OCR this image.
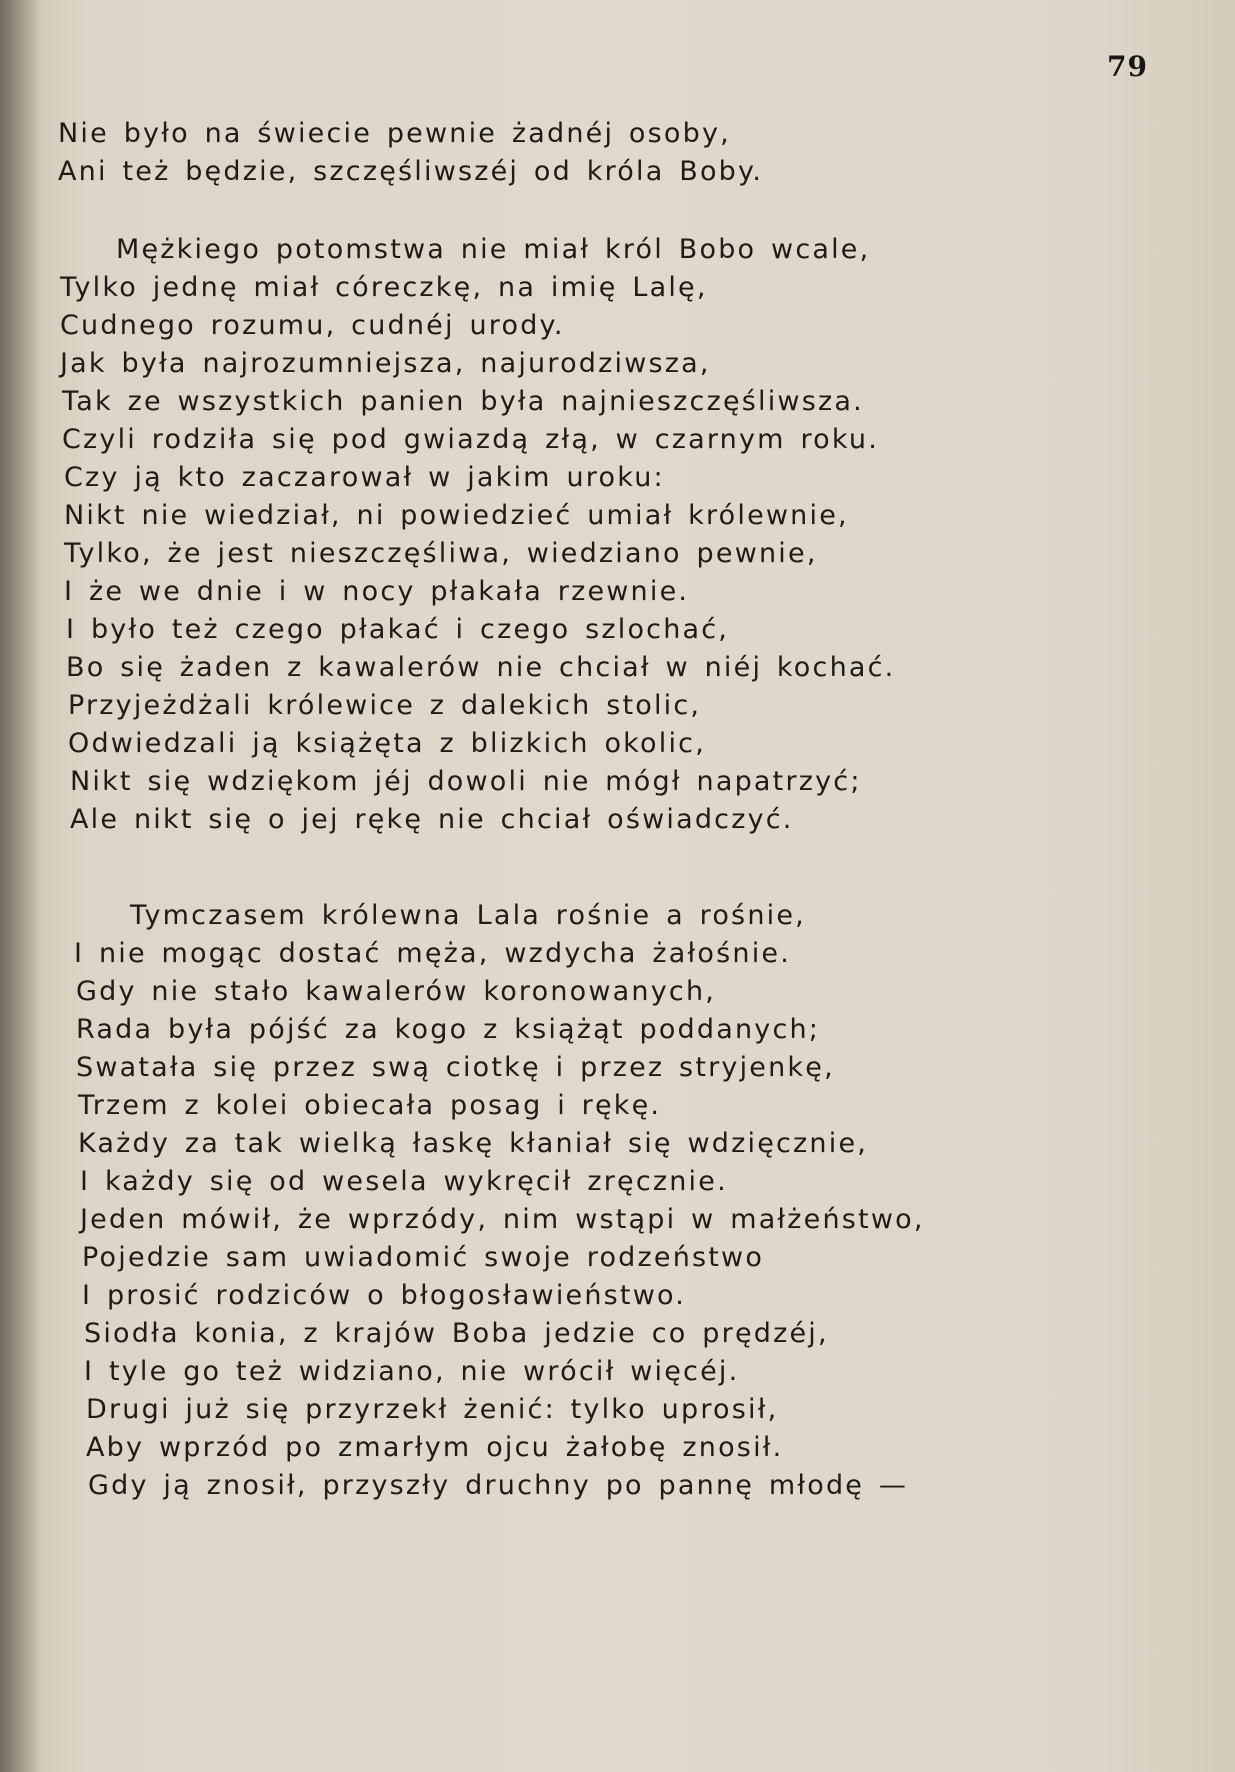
79
Nie było na świecie pewnie żadnéj osoby,
Ani też będzie, szczęśliwszéj od króla Boby.
Mężkiego potomstwa nie miał król Bobo wcale,
Tylko jednę miał córeczkę, na imię Lalę,
Cudnego rozumu, cudnéj urody.
Jak była najrozumniejsza, najurodziwsza,
Tak ze wszystkich panien była najnieszczęśliwsza.
Czyli rodziła się pod gwiazdą złą, w czarnym roku.
Czy ją kto zaczarował w jakim uroku:
Nikt nie wiedział, ni powiedzieć umiał królewnie,
Tylko, że jest nieszczęśliwa, wiedziano pewnie,
I że we dnie i w nocy płakała rzewnie.
I było też czego płakać i czego szlochać,
Bo się żaden z kawalerów nie chciał w niéj kochać.
Przyjeżdżali królewice z dalekich stolic,
Odwiedzali ją książęta z blizkich okolic,
Nikt się wdziękom jéj dowoli nie mógł napatrzyć;
Ale nikt się o jej rękę nie chciał oświadczyć.
Tymczasem królewna Lala rośnie a rośnie,
I nie mogąc dostać męża, wzdycha żałośnie.
Gdy nie stało kawalerów koronowanych,
Rada była pójść za kogo z książąt poddanych;
Swatała się przez swą ciotkę i przez stryjenkę,
Trzem z kolei obiecała posag i rękę.
Każdy za tak wielką łaskę kłaniał się wdzięcznie,
I każdy się od wesela wykręcił zręcznie.
Jeden mówił, że wprzódy, nim wstąpi w małżeństwo,
Pojedzie sam uwiadomić swoje rodzeństwo
I prosić rodziców o błogosławieństwo.
Siodła konia, z krajów Boba jedzie co prędzéj,
I tyle go też widziano, nie wrócił więcéj.
Drugi już się przyrzekł żenić: tylko uprosił,
Aby wprzód po zmarłym ojcu żałobę znosił.
Gdy ją znosił, przyszły druchny po pannę młodę —
